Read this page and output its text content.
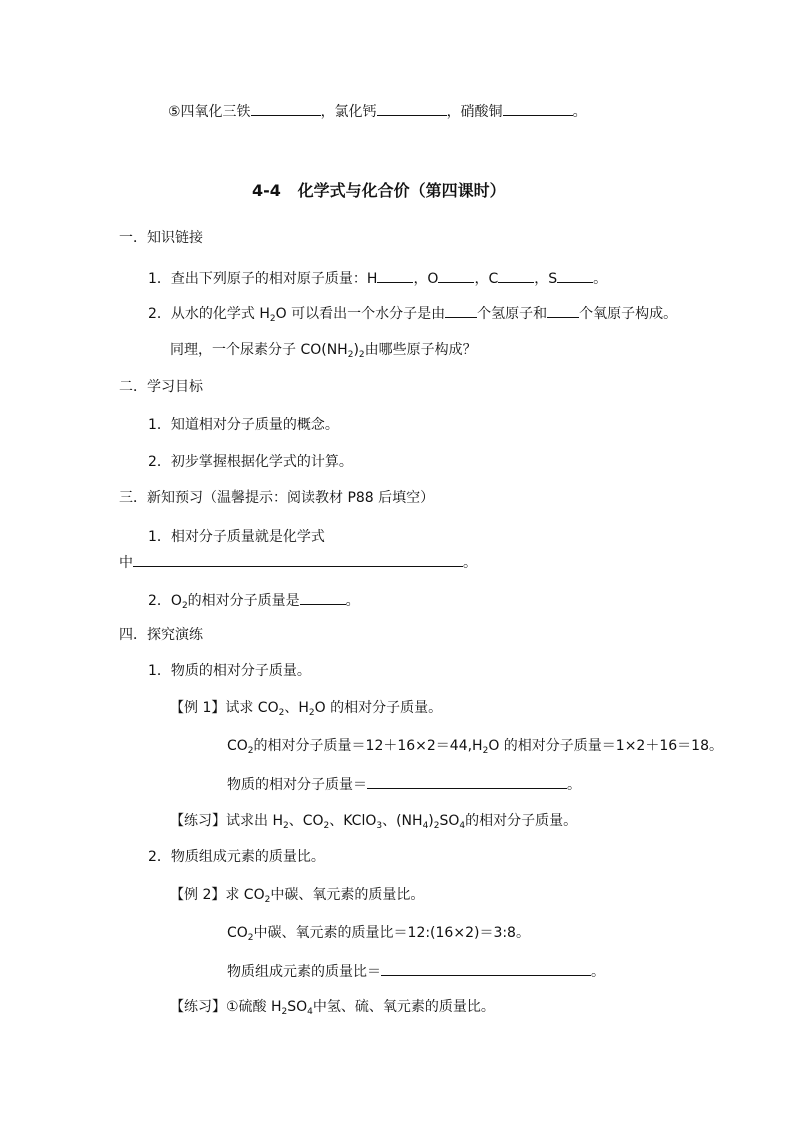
⑤四氧化三铁	，氯化钙	，硝酸铜	。
4-4 化学式与化合价（第四课时）
一．知识链接
1．查出下列原子的相对原子质量：H	，O	，C	，S	。
2．从水的化学式 $H_2O$ 可以看出一个水分子是由 个氢原子和 个氧原子构成。
同理，一个尿素分子 $CO(NH_2)_2$由哪些原子构成？
二．学习目标
1．知道相对分子质量的概念。
2．初步掌握根据化学式的计算。
三．新知预习（温馨提示：阅读教材 P88 后填空）
1．相对分子质量就是化学式
中	。
2．$O_2$的相对分子质量是	。
四．探究演练
1．物质的相对分子质量。
【例 1】试求 $CO_2$、$H_2O$ 的相对分子质量。
$CO_2$的相对分子质量$=12+16\times 2=44,H_2O$ 的相对分子质量＝1×2＋16＝18。
物质的相对分子质量＝	。
【练习】试求出 $H_2$、$CO_2$、KClO$_3$、$(NH_4)_2SO_4$的相对分子质量。
2．物质组成元素的质量比。
【例 2】求 $CO_2$中碳、氧元素的质量比。
$CO_2$中碳、氧元素的质量比＝12:(16×2)＝3:8。
物质组成元素的质量比＝	。
【练习】①硫酸 $H_2SO_4$中氢、硫、氧元素的质量比。
